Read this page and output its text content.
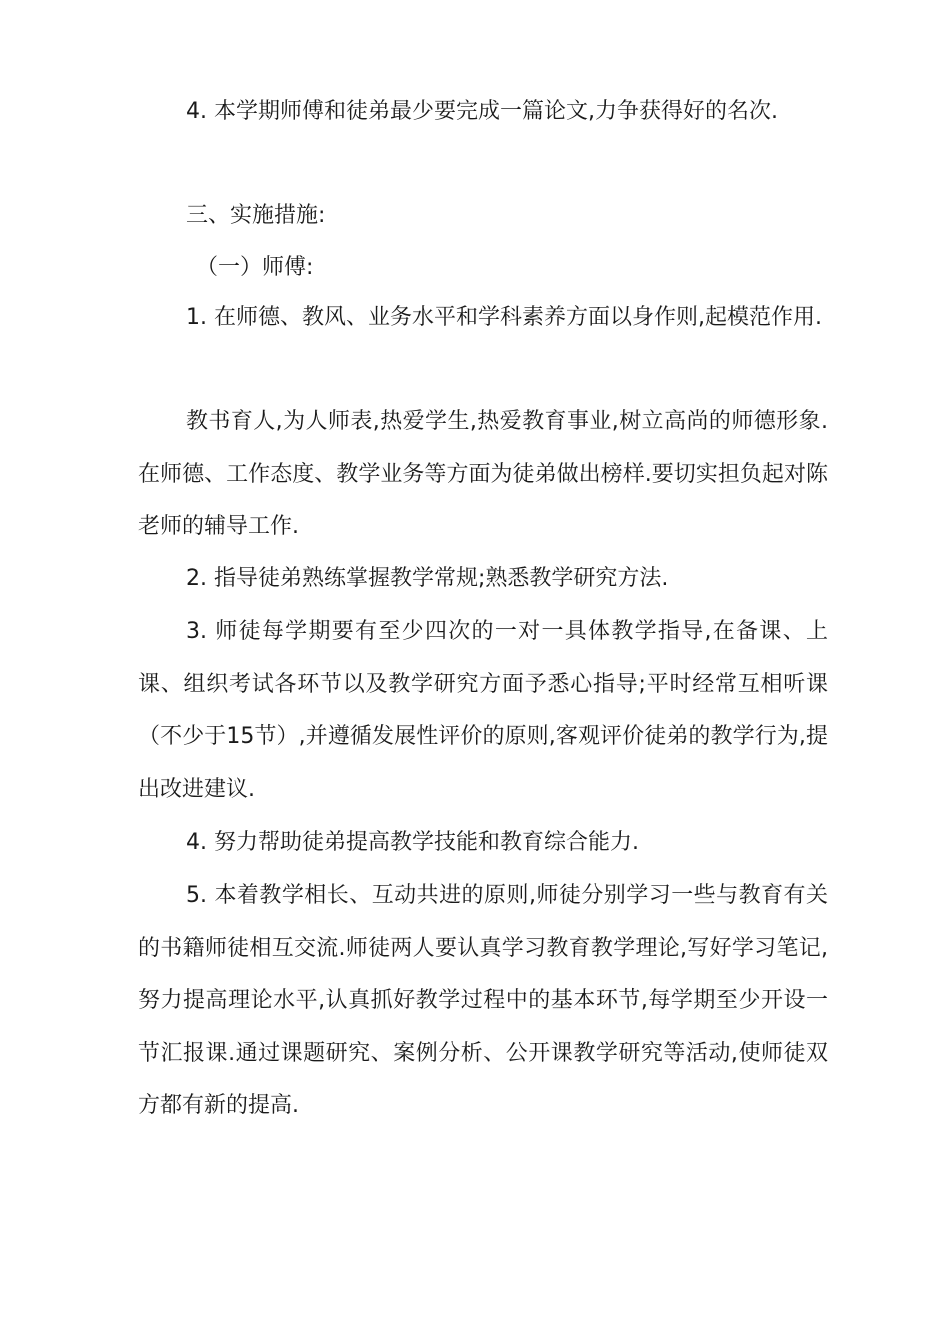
4. 本学期师傅和徒弟最少要完成一篇论文,力争获得好的名次.

三、实施措施:

（一）师傅:

1. 在师德、教风、业务水平和学科素养方面以身作则,起模范作用.

教书育人,为人师表,热爱学生,热爱教育事业,树立高尚的师德形象.在师德、工作态度、教学业务等方面为徒弟做出榜样.要切实担负起对陈老师的辅导工作.

2. 指导徒弟熟练掌握教学常规;熟悉教学研究方法.

3. 师徒每学期要有至少四次的一对一具体教学指导,在备课、上课、组织考试各环节以及教学研究方面予悉心指导;平时经常互相听课（不少于15节）,并遵循发展性评价的原则,客观评价徒弟的教学行为,提出改进建议.

4. 努力帮助徒弟提高教学技能和教育综合能力.

5. 本着教学相长、互动共进的原则,师徒分别学习一些与教育有关的书籍师徒相互交流.师徒两人要认真学习教育教学理论,写好学习笔记,努力提高理论水平,认真抓好教学过程中的基本环节,每学期至少开设一节汇报课.通过课题研究、案例分析、公开课教学研究等活动,使师徒双方都有新的提高.
